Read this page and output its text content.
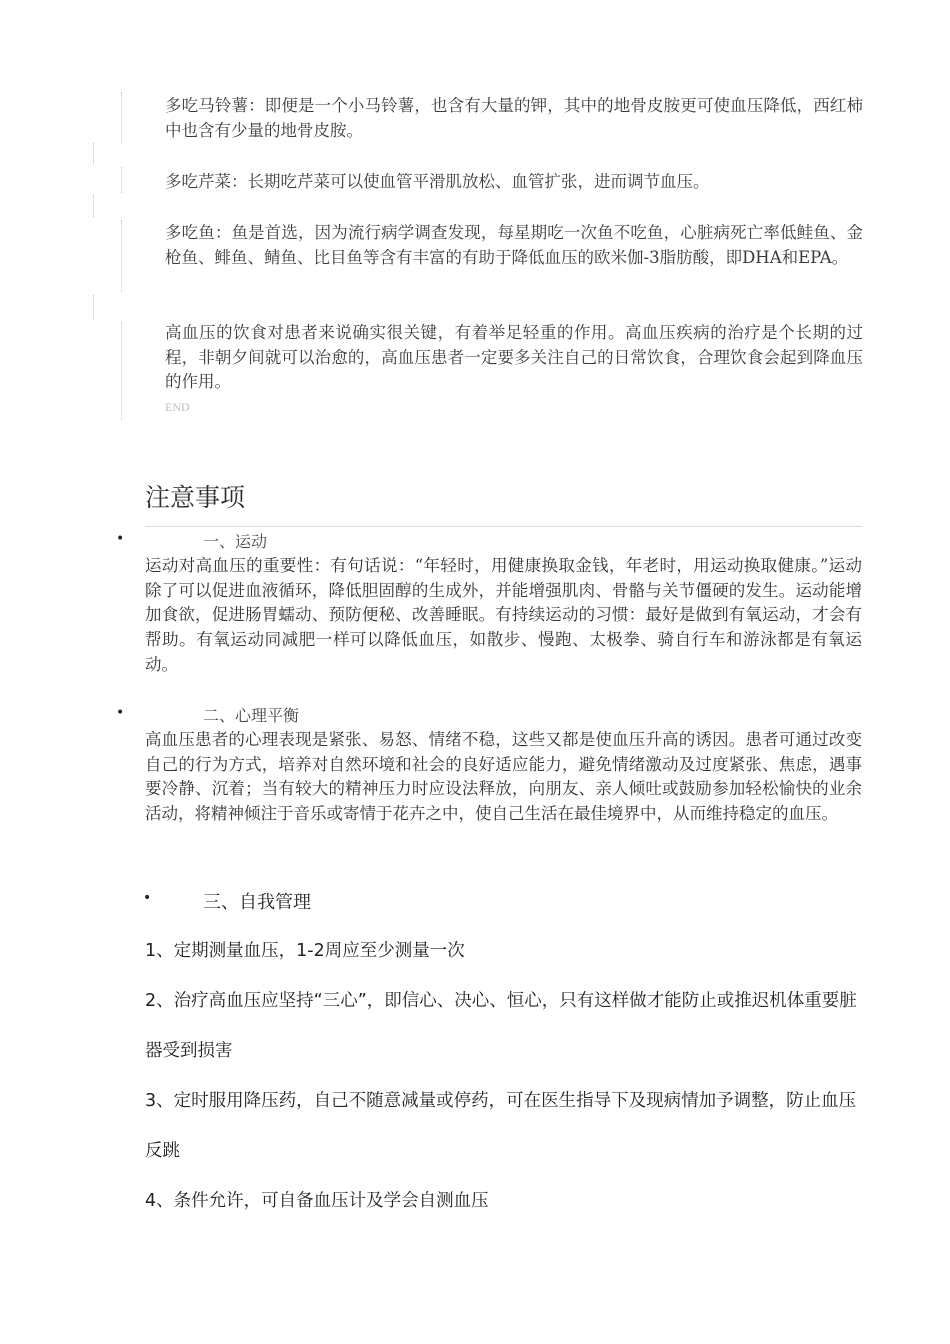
多吃马铃薯：即便是一个小马铃薯，也含有大量的钾，其中的地骨皮胺更可使血压降低，西红柿中也含有少量的地骨皮胺。

多吃芹菜：长期吃芹菜可以使血管平滑肌放松、血管扩张，进而调节血压。

多吃鱼：鱼是首选，因为流行病学调查发现，每星期吃一次鱼不吃鱼，心脏病死亡率低鲑鱼、金枪鱼、鲱鱼、鲭鱼、比目鱼等含有丰富的有助于降低血压的欧米伽-3脂肪酸，即DHA和EPA。

高血压的饮食对患者来说确实很关键，有着举足轻重的作用。高血压疾病的治疗是个长期的过程，非朝夕间就可以治愈的，高血压患者一定要多关注自己的日常饮食，合理饮食会起到降血压的作用。

END
注意事项
•	一、运动

运动对高血压的重要性：有句话说：“年轻时，用健康换取金钱，年老时，用运动换取健康。”运动除了可以促进血液循环，降低胆固醇的生成外，并能增强肌肉、骨骼与关节僵硬的发生。运动能增加食欲，促进肠胃蠕动、预防便秘、改善睡眠。有持续运动的习惯：最好是做到有氧运动，才会有帮助。有氧运动同减肥一样可以降低血压，如散步、慢跑、太极拳、骑自行车和游泳都是有氧运动。

•	二、心理平衡

高血压患者的心理表现是紧张、易怒、情绪不稳，这些又都是使血压升高的诱因。患者可通过改变自己的行为方式，培养对自然环境和社会的良好适应能力，避免情绪激动及过度紧张、焦虑，遇事要冷静、沉着；当有较大的精神压力时应设法释放，向朋友、亲人倾吐或鼓励参加轻松愉快的业余活动，将精神倾注于音乐或寄情于花卉之中，使自己生活在最佳境界中，从而维持稳定的血压。

•	三、自我管理

1、定期测量血压，1-2周应至少测量一次

2、治疗高血压应坚持“三心”，即信心、决心、恒心，只有这样做才能防止或推迟机体重要脏器受到损害

3、定时服用降压药，自己不随意减量或停药，可在医生指导下及现病情加予调整，防止血压反跳

4、条件允许，可自备血压计及学会自测血压
